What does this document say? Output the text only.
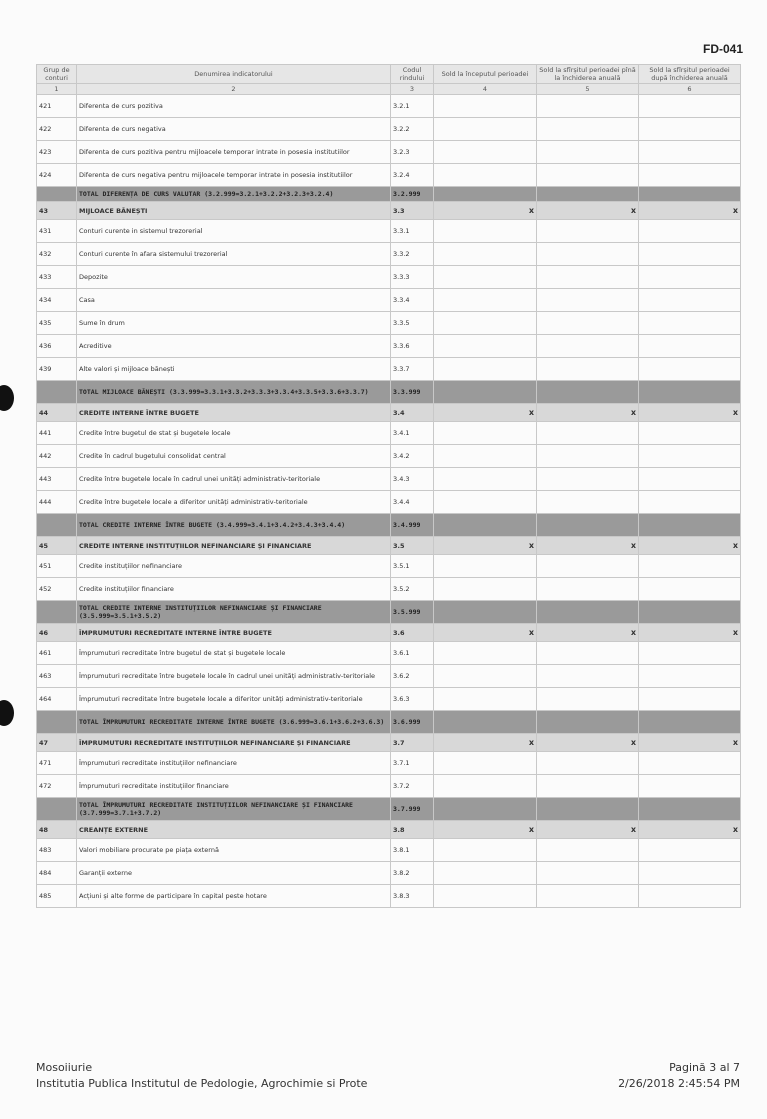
FD-041
Grup de conturi	Denumirea indicatorului	Codul rindului	Sold la începutul perioadei	Sold la sfîrșitul perioadei pînă la închiderea anuală	Sold la sfîrșitul perioadei după închiderea anuală
1	2	3	4	5	6
421	Diferenta de curs pozitiva	3.2.1			
422	Diferenta de curs negativa	3.2.2			
423	Diferenta de curs pozitiva pentru mijloacele temporar intrate in posesia institutiilor	3.2.3			
424	Diferenta de curs negativa pentru mijloacele temporar intrate in posesia institutiilor	3.2.4			
	TOTAL DIFERENȚA DE CURS VALUTAR (3.2.999=3.2.1+3.2.2+3.2.3+3.2.4)	3.2.999			
43	MIJLOACE BĂNEȘTI	3.3	x	x	x
431	Conturi curente in sistemul trezorerial	3.3.1			
432	Conturi curente în afara sistemului trezorerial	3.3.2			
433	Depozite	3.3.3			
434	Casa	3.3.4			
435	Sume în drum	3.3.5			
436	Acreditive	3.3.6			
439	Alte valori și mijloace bănești	3.3.7			
	TOTAL MIJLOACE BĂNEȘTI (3.3.999=3.3.1+3.3.2+3.3.3+3.3.4+3.3.5+3.3.6+3.3.7)	3.3.999			
44	CREDITE INTERNE ÎNTRE BUGETE	3.4	x	x	x
441	Credite între bugetul de stat și bugetele locale	3.4.1			
442	Credite în cadrul bugetului consolidat central	3.4.2			
443	Credite între bugetele locale în cadrul unei unități administrativ-teritoriale	3.4.3			
444	Credite între bugetele locale a diferitor unități administrativ-teritoriale	3.4.4			
	TOTAL CREDITE INTERNE ÎNTRE BUGETE (3.4.999=3.4.1+3.4.2+3.4.3+3.4.4)	3.4.999			
45	CREDITE INTERNE INSTITUȚIILOR NEFINANCIARE ȘI FINANCIARE	3.5	x	x	x
451	Credite instituțiilor nefinanciare	3.5.1			
452	Credite instituțiilor financiare	3.5.2			
	TOTAL CREDITE INTERNE INSTITUȚIILOR NEFINANCIARE ȘI FINANCIARE (3.5.999=3.5.1+3.5.2)	3.5.999			
46	ÎMPRUMUTURI RECREDITATE INTERNE ÎNTRE BUGETE	3.6	x	x	x
461	Împrumuturi recreditate între bugetul de stat și bugetele locale	3.6.1			
463	Împrumuturi recreditate între bugetele locale în cadrul unei unități administrativ-teritoriale	3.6.2			
464	Împrumuturi recreditate între bugetele locale a diferitor unități administrativ-teritoriale	3.6.3			
	TOTAL ÎMPRUMUTURI RECREDITATE INTERNE ÎNTRE BUGETE (3.6.999=3.6.1+3.6.2+3.6.3)	3.6.999			
47	ÎMPRUMUTURI RECREDITATE INSTITUȚIILOR NEFINANCIARE ȘI FINANCIARE	3.7	x	x	x
471	Împrumuturi recreditate instituțiilor nefinanciare	3.7.1			
472	Împrumuturi recreditate instituțiilor financiare	3.7.2			
	TOTAL ÎMPRUMUTURI RECREDITATE INSTITUȚIILOR NEFINANCIARE ȘI FINANCIARE (3.7.999=3.7.1+3.7.2)	3.7.999			
48	CREANȚE EXTERNE	3.8	x	x	x
483	Valori mobiliare procurate pe piața externă	3.8.1			
484	Garanții externe	3.8.2			
485	Acțiuni și alte forme de participare în capital peste hotare	3.8.3			
Mosoiiurie
Institutia Publica Institutul de Pedologie, Agrochimie si Prote
Pagină 3 al 7
2/26/2018 2:45:54 PM
